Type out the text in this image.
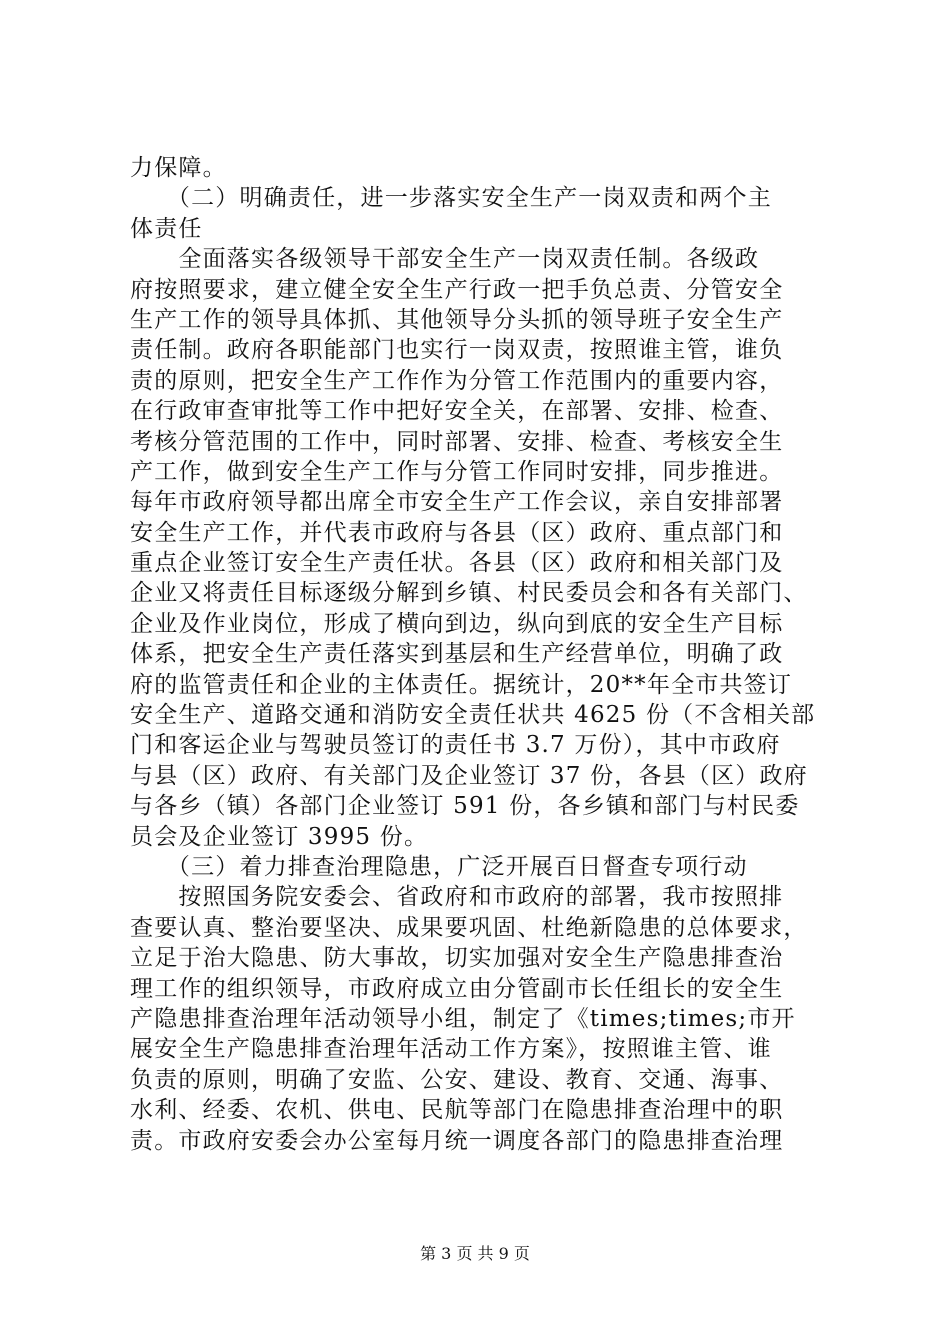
力保障。
　　（二）明确责任，进一步落实安全生产一岗双责和两个主
体责任
　　全面落实各级领导干部安全生产一岗双责任制。各级政
府按照要求，建立健全安全生产行政一把手负总责、分管安全
生产工作的领导具体抓、其他领导分头抓的领导班子安全生产
责任制。政府各职能部门也实行一岗双责，按照谁主管，谁负
责的原则，把安全生产工作作为分管工作范围内的重要内容，
在行政审查审批等工作中把好安全关，在部署、安排、检查、
考核分管范围的工作中，同时部署、安排、检查、考核安全生
产工作，做到安全生产工作与分管工作同时安排，同步推进。
每年市政府领导都出席全市安全生产工作会议，亲自安排部署
安全生产工作，并代表市政府与各县（区）政府、重点部门和
重点企业签订安全生产责任状。各县（区）政府和相关部门及
企业又将责任目标逐级分解到乡镇、村民委员会和各有关部门、
企业及作业岗位，形成了横向到边，纵向到底的安全生产目标
体系，把安全生产责任落实到基层和生产经营单位，明确了政
府的监管责任和企业的主体责任。据统计，20**年全市共签订
安全生产、道路交通和消防安全责任状共 4625 份（不含相关部
门和客运企业与驾驶员签订的责任书 3.7 万份），其中市政府
与县（区）政府、有关部门及企业签订 37 份，各县（区）政府
与各乡（镇）各部门企业签订 591 份，各乡镇和部门与村民委
员会及企业签订 3995 份。
　　（三）着力排查治理隐患，广泛开展百日督查专项行动
　　按照国务院安委会、省政府和市政府的部署，我市按照排
查要认真、整治要坚决、成果要巩固、杜绝新隐患的总体要求，
立足于治大隐患、防大事故，切实加强对安全生产隐患排查治
理工作的组织领导，市政府成立由分管副市长任组长的安全生
产隐患排查治理年活动领导小组，制定了《times;times;市开
展安全生产隐患排查治理年活动工作方案》，按照谁主管、谁
负责的原则，明确了安监、公安、建设、教育、交通、海事、
水利、经委、农机、供电、民航等部门在隐患排查治理中的职
责。市政府安委会办公室每月统一调度各部门的隐患排查治理
第 3 页 共 9 页
